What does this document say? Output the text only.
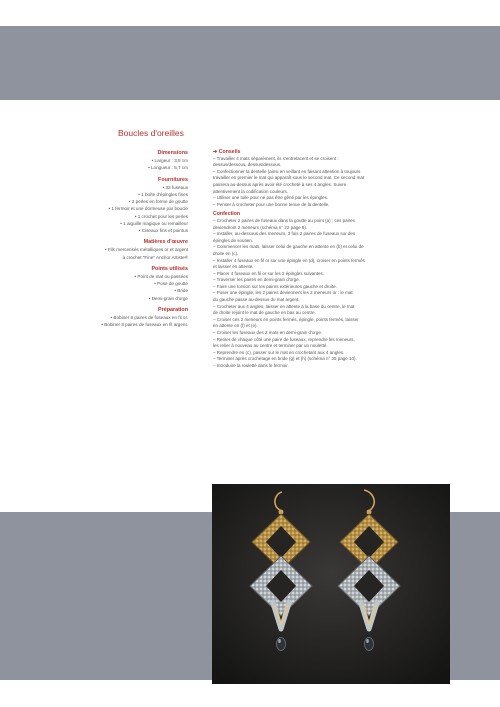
Boucles d'oreilles
Dimensions
• Largeur : 3,8 cm
• Longueur : 5,7 cm
Fournitures
• 32 fuseaux
• 1 boîte d'épingles fines
• 2 perles en forme de goutte
• 1 fermoir et une dormeuse par boucle
• 1 crochet pour les perles
• 1 aiguille magique ou remailleur
• Ciseaux fins et pointus
Matières d'œuvre
• Fils mercerisés métalliques or et argent
à crochet "Fine" Anchor Artiste®
Points utilisés
• Point de mat ou passées
• Pose de goutte
• Bride
• Demi-grain d'orge
Préparation
• Bobiner 8 paires de fuseaux en fil or.
• Bobiner 8 paires de fuseaux en fil argent.
➔ Conseils
– Travailler 4 mats séparément, ils s'entrelacent et se croisent :
dessus/dessous, dessus/dessous.
– Confectionner la dentelle (ainsi en veillant en faisant attention à toujours
travailler en premier le mat qui apparaît sous le second mat. Ce second mat
passera au-dessus après avoir été crocheté à ses 4 angles. Suivre
attentivement la codification couleurs.
– Utiliser une toile pour ne pas être gêné par les épingles.
– Penser à crocheter pour une bonne tenue de la dentelle.
Confection
– Crocheter 2 paires de fuseaux dans la goutte au point (a) ; ces paires
deviendront 2 meneurs (schéma n° 22 page 9).
– Installer, au-dessous des meneurs, 3 fois 2 paires de fuseaux sur des
épingles de soutien.
– Commencer les mats, laisser celui de gauche en attente en (b) et celui de
droite en (c).
– Installer 4 fuseaux en fil or sur une épingle en (d), croiser en points fermés
et laisser en attente.
– Placer 4 fuseaux en fil or sur les 2 épingles suivantes.
– Traverser les paires en demi-grain d'orge.
– Faire une torsion sur les paires extérieures gauche et droite.
– Poser une épingle, les 2 paires deviennent les 2 meneurs or : le mat
du gauche passe au-dessus du mat argent.
– Crocheter aux 4 angles, laisser en attente à la base du centre, le mat
de droite rejoint le mat de gauche en bas au centre.
– Croiser ces 2 meneurs en points fermés, épingle, points fermés, laisser
en attente en (f) et (e).
– Croiser les fuseaux des 2 mats en demi-grain d'orge.
– Retirer de chaque côté une paire de fuseaux, reprendre les meneurs,
les relier à nouveau au centre et terminer par un nouletté.
– Reprendre en (c), passer sur le mat en crochetant aux 4 angles.
– Terminer après crochetage en bride (g) et (h) (schéma n° 25 page 10).
– Introduire la rouletté dans le fermoir.
